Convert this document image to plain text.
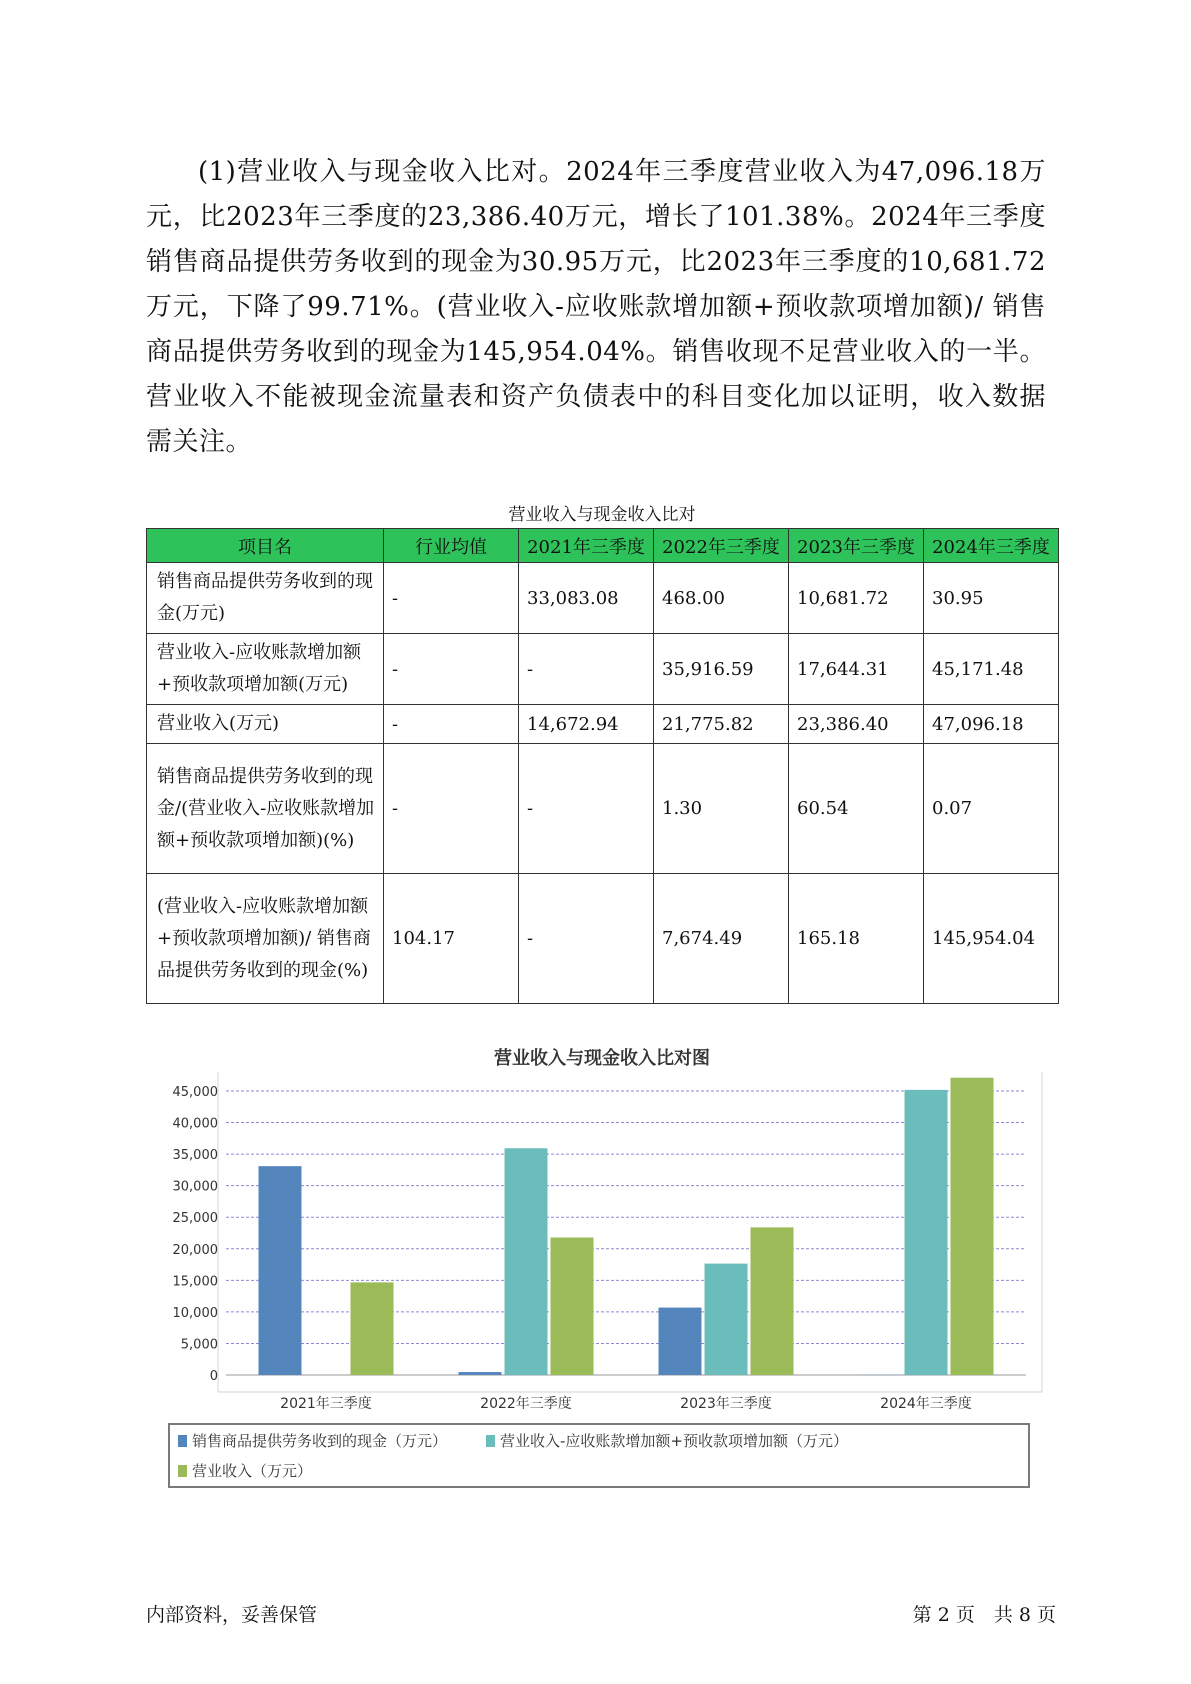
(1)营业收入与现金收入比对。2024年三季度营业收入为47,096.18万元，比2023年三季度的23,386.40万元，增长了101.38%。2024年三季度销售商品提供劳务收到的现金为30.95万元，比2023年三季度的10,681.72万元，下降了99.71%。(营业收入-应收账款增加额+预收款项增加额)/ 销售商品提供劳务收到的现金为145,954.04%。销售收现不足营业收入的一半。营业收入不能被现金流量表和资产负债表中的科目变化加以证明，收入数据需关注。

营业收入与现金收入比对
项目名	行业均值	2021年三季度	2022年三季度	2023年三季度	2024年三季度
销售商品提供劳务收到的现金(万元)	-	33,083.08	468.00	10,681.72	30.95
营业收入-应收账款增加额+预收款项增加额(万元)	-	-	35,916.59	17,644.31	45,171.48
营业收入(万元)	-	14,672.94	21,775.82	23,386.40	47,096.18
销售商品提供劳务收到的现金/(营业收入-应收账款增加额+预收款项增加额)(%)	-	-	1.30	60.54	0.07
(营业收入-应收账款增加额+预收款项增加额)/ 销售商品提供劳务收到的现金(%)	104.17	-	7,674.49	165.18	145,954.04
营业收入与现金收入比对图
0
5,000
10,000
15,000
20,000
25,000
30,000
35,000
40,000
45,000
2021年三季度	2022年三季度	2023年三季度	2024年三季度
销售商品提供劳务收到的现金（万元）	营业收入-应收账款增加额+预收款项增加额（万元）
营业收入（万元）
内部资料，妥善保管	第 2 页　共 8 页
